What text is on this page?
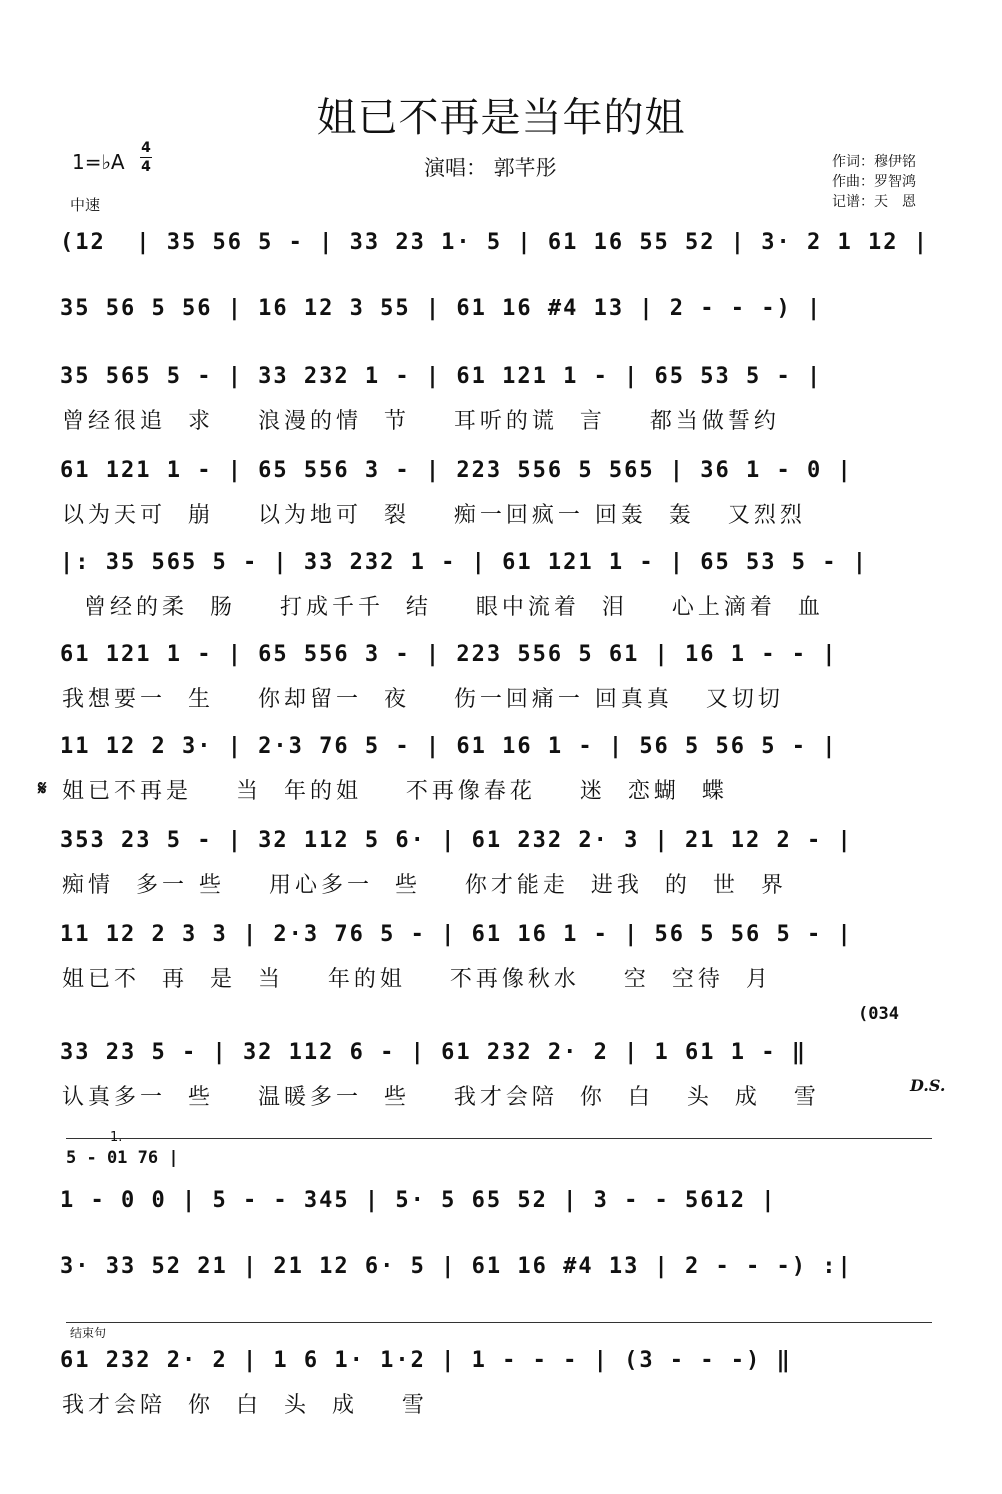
姐已不再是当年的姐
1=♭A
4
4
中速
演唱： 郭芊彤	作词：穆伊铭
作曲：罗智鸿
记谱：天　恩
(12  | 35 56 5 - | 33 23 1· 5 | 61 16 55 52 | 3· 2 1 12 |
35 56 5 56 | 16 12 3 55 | 61 16 #4 13 | 2 - - -) |
35 565 5 - | 33 232 1 - | 61 121 1 - | 65 53 5 - |
曾经很追  求    浪漫的情  节    耳听的谎  言    都当做誓约
61 121 1 - | 65 556 3 - | 223 556 5 565 | 36 1 - 0 |
以为天可  崩    以为地可  裂    痴一回疯一 回轰  轰   又烈烈
|: 35 565 5 - | 33 232 1 - | 61 121 1 - | 65 53 5 - |
曾经的柔  肠    打成千千  结    眼中流着  泪    心上滴着  血
61 121 1 - | 65 556 3 - | 223 556 5 61 | 16 1 - - |
我想要一  生    你却留一  夜    伤一回痛一 回真真   又切切
𝄋
11 12 2 3· | 2·3 76 5 - | 61 16 1 - | 56 5 56 5 - |
姐已不再是    当  年的姐    不再像春花    迷  恋蝴  蝶
353 23 5 - | 32 112 5 6· | 61 232 2· 3 | 21 12 2 - |
痴情  多一 些    用心多一  些    你才能走  进我  的  世  界
11 12 2 3 3 | 2·3 76 5 - | 61 16 1 - | 56 5 56 5 - |
姐已不  再  是  当    年的姐    不再像秋水    空  空待  月
(034
33 23 5 - | 32 112 6 - | 61 232 2· 2 | 1 61 1 - ‖
认真多一  些    温暖多一  些    我才会陪  你  白   头  成   雪	D.S.
1.
5 - 01 76 |
1 - 0 0 | 5 - - 345 | 5· 5 65 52 | 3 - - 5612 |
3· 33 52 21 | 21 12 6· 5 | 61 16 #4 13 | 2 - - -) :|
结束句
61 232 2· 2 | 1 6 1· 1·2 | 1 - - - | (3 - - -) ‖
我才会陪  你  白  头  成    雪
